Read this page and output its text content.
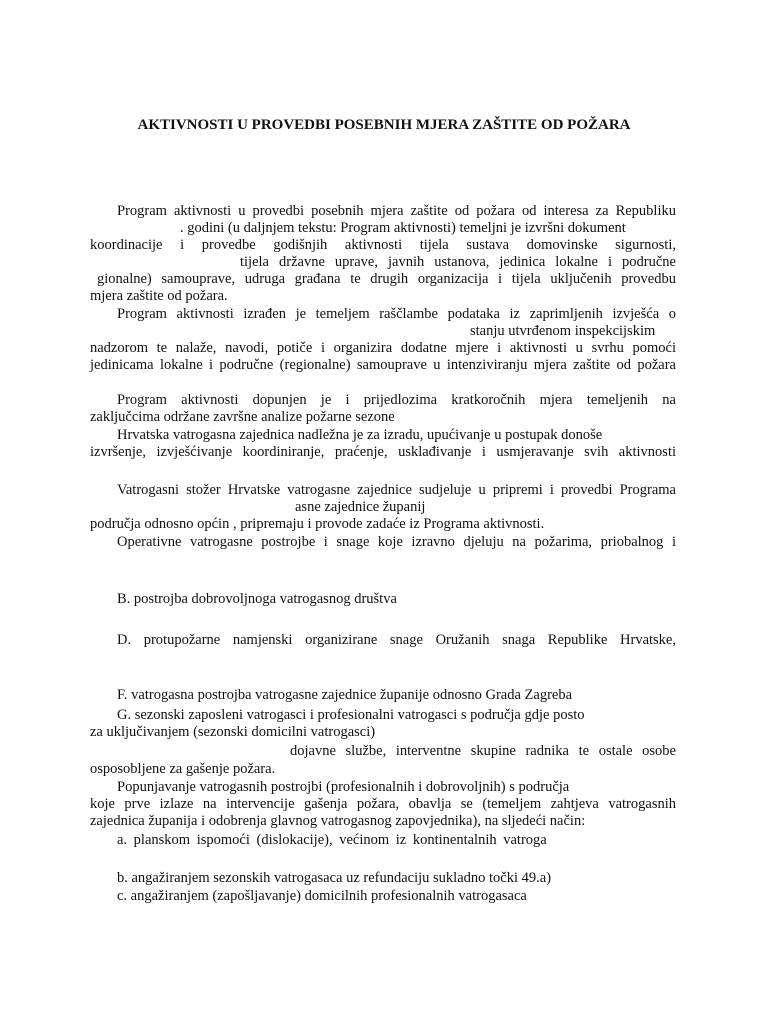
AKTIVNOSTI U PROVEDBI POSEBNIH MJERA ZAŠTITE OD POŽARA
Program aktivnosti u provedbi posebnih mjera zaštite od požara od interesa za Republiku
. godini (u daljnjem tekstu: Program aktivnosti) temeljni je izvršni dokument
koordinacije i provedbe godišnjih aktivnosti tijela sustava domovinske sigurnosti,
tijela državne uprave, javnih ustanova, jedinica lokalne i područne
gionalne) samouprave, udruga građana te drugih organizacija i tijela uključenih provedbu
mjera zaštite od požara.
Program aktivnosti izrađen je temeljem raščlambe podataka iz zaprimljenih izvješća o
stanju utvrđenom inspekcijskim
nadzorom te nalaže, navodi, potiče i organizira dodatne mjere i aktivnosti u svrhu pomoći
jedinicama lokalne i područne (regionalne) samouprave u intenziviranju mjera zaštite od požara
Program aktivnosti dopunjen je i prijedlozima kratkoročnih mjera temeljenih na
zaključcima održane završne analize požarne sezone
Hrvatska vatrogasna zajednica nadležna je za izradu, upućivanje u postupak donoše
izvršenje, izvješćivanje koordiniranje, praćenje, usklađivanje i usmjeravanje svih aktivnosti
Vatrogasni stožer Hrvatske vatrogasne zajednice sudjeluje u pripremi i provedbi Programa
asne zajednice županij
područja odnosno općin , pripremaju i provode zadaće iz Programa aktivnosti.
Operativne vatrogasne postrojbe i snage koje izravno djeluju na požarima, priobalnog i
B. postrojba dobrovoljnoga vatrogasnog društva
D. protupožarne namjenski organizirane snage Oružanih snaga Republike Hrvatske,
F. vatrogasna postrojba vatrogasne zajednice županije odnosno Grada Zagreba
G. sezonski zaposleni vatrogasci i profesionalni vatrogasci s područja gdje posto
za uključivanjem (sezonski domicilni vatrogasci)
dojavne službe, interventne skupine radnika te ostale osobe
osposobljene za gašenje požara.
Popunjavanje vatrogasnih postrojbi (profesionalnih i dobrovoljnih) s područja
koje prve izlaze na intervencije gašenja požara, obavlja se (temeljem zahtjeva vatrogasnih
zajednica županija i odobrenja glavnog vatrogasnog zapovjednika), na sljedeći način:
a. planskom ispomoći (dislokacije), većinom iz kontinentalnih vatroga
b. angažiranjem sezonskih vatrogasaca uz refundaciju sukladno točki 49.a)
c. angažiranjem (zapošljavanje) domicilnih profesionalnih vatrogasaca
